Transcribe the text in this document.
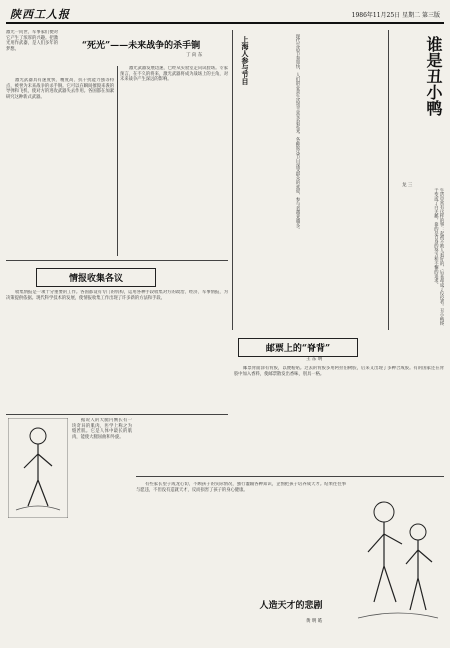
陕西工人报	1986年11月25日 星期二 第三版
激光一问世，军事家们便对它产生了浓厚的兴趣。把激光用作武器，是人们多年的梦想。	“死光”——未来战争的杀手锏
丁 向 东

激光武器具有速度快、精度高、抗干扰能力强等特点，被誉为未来战争的杀手锏。它可以在瞬间摧毁来袭的导弹和飞机，使对方的进攻武器失去作用。各国都在加紧研究这种新式武器。

激光武器发展迅速，已经从实验室走向试验场。专家预言，在不久的将来，激光武器将成为战场上的主角，对未来战争产生深远的影响。

情报收集各议

收集情报是一项十分重要的工作。各国都设有专门的机构，运用各种手段收集对方的政治、经济、军事情报，为决策提供依据。现代科学技术的发展，使情报收集工作出现了许多新的方法和手段。

据说人的大腿内侧长有一块奇异的肌肉，医学上称之为缝匠肌。它是人体中最长的肌肉，能使大腿屈曲和外旋。

上海人参与节目	现代生活节奏加快，人们的业余生活也丰富多彩起来。各种娱乐节目深受群众的欢迎，参与者越来越多。
邮票上的“脊背”
王 东 明

邮票背面涂有背胶，以便粘贴。过去的背胶多用阿拉伯树胶，后来又出现了多种合成胶。有的国家还在背胶中加入香料，使邮票散发出香味，别具一格。

谁是丑小鸭
生活中常有这样的事：起初不被人看好的，后来却成了佼佼者。丑小鸭终于变成了白天鹅，靠的是自身的努力和不懈的追求。
龙 三
人造天才的悲剧
黄 明 皓

有些家长望子成龙心切，不顾孩子的实际情况，强行灌输各种知识，企图把孩子培养成天才。结果往往事与愿违，不但没有造就天才，反而损害了孩子的身心健康。
